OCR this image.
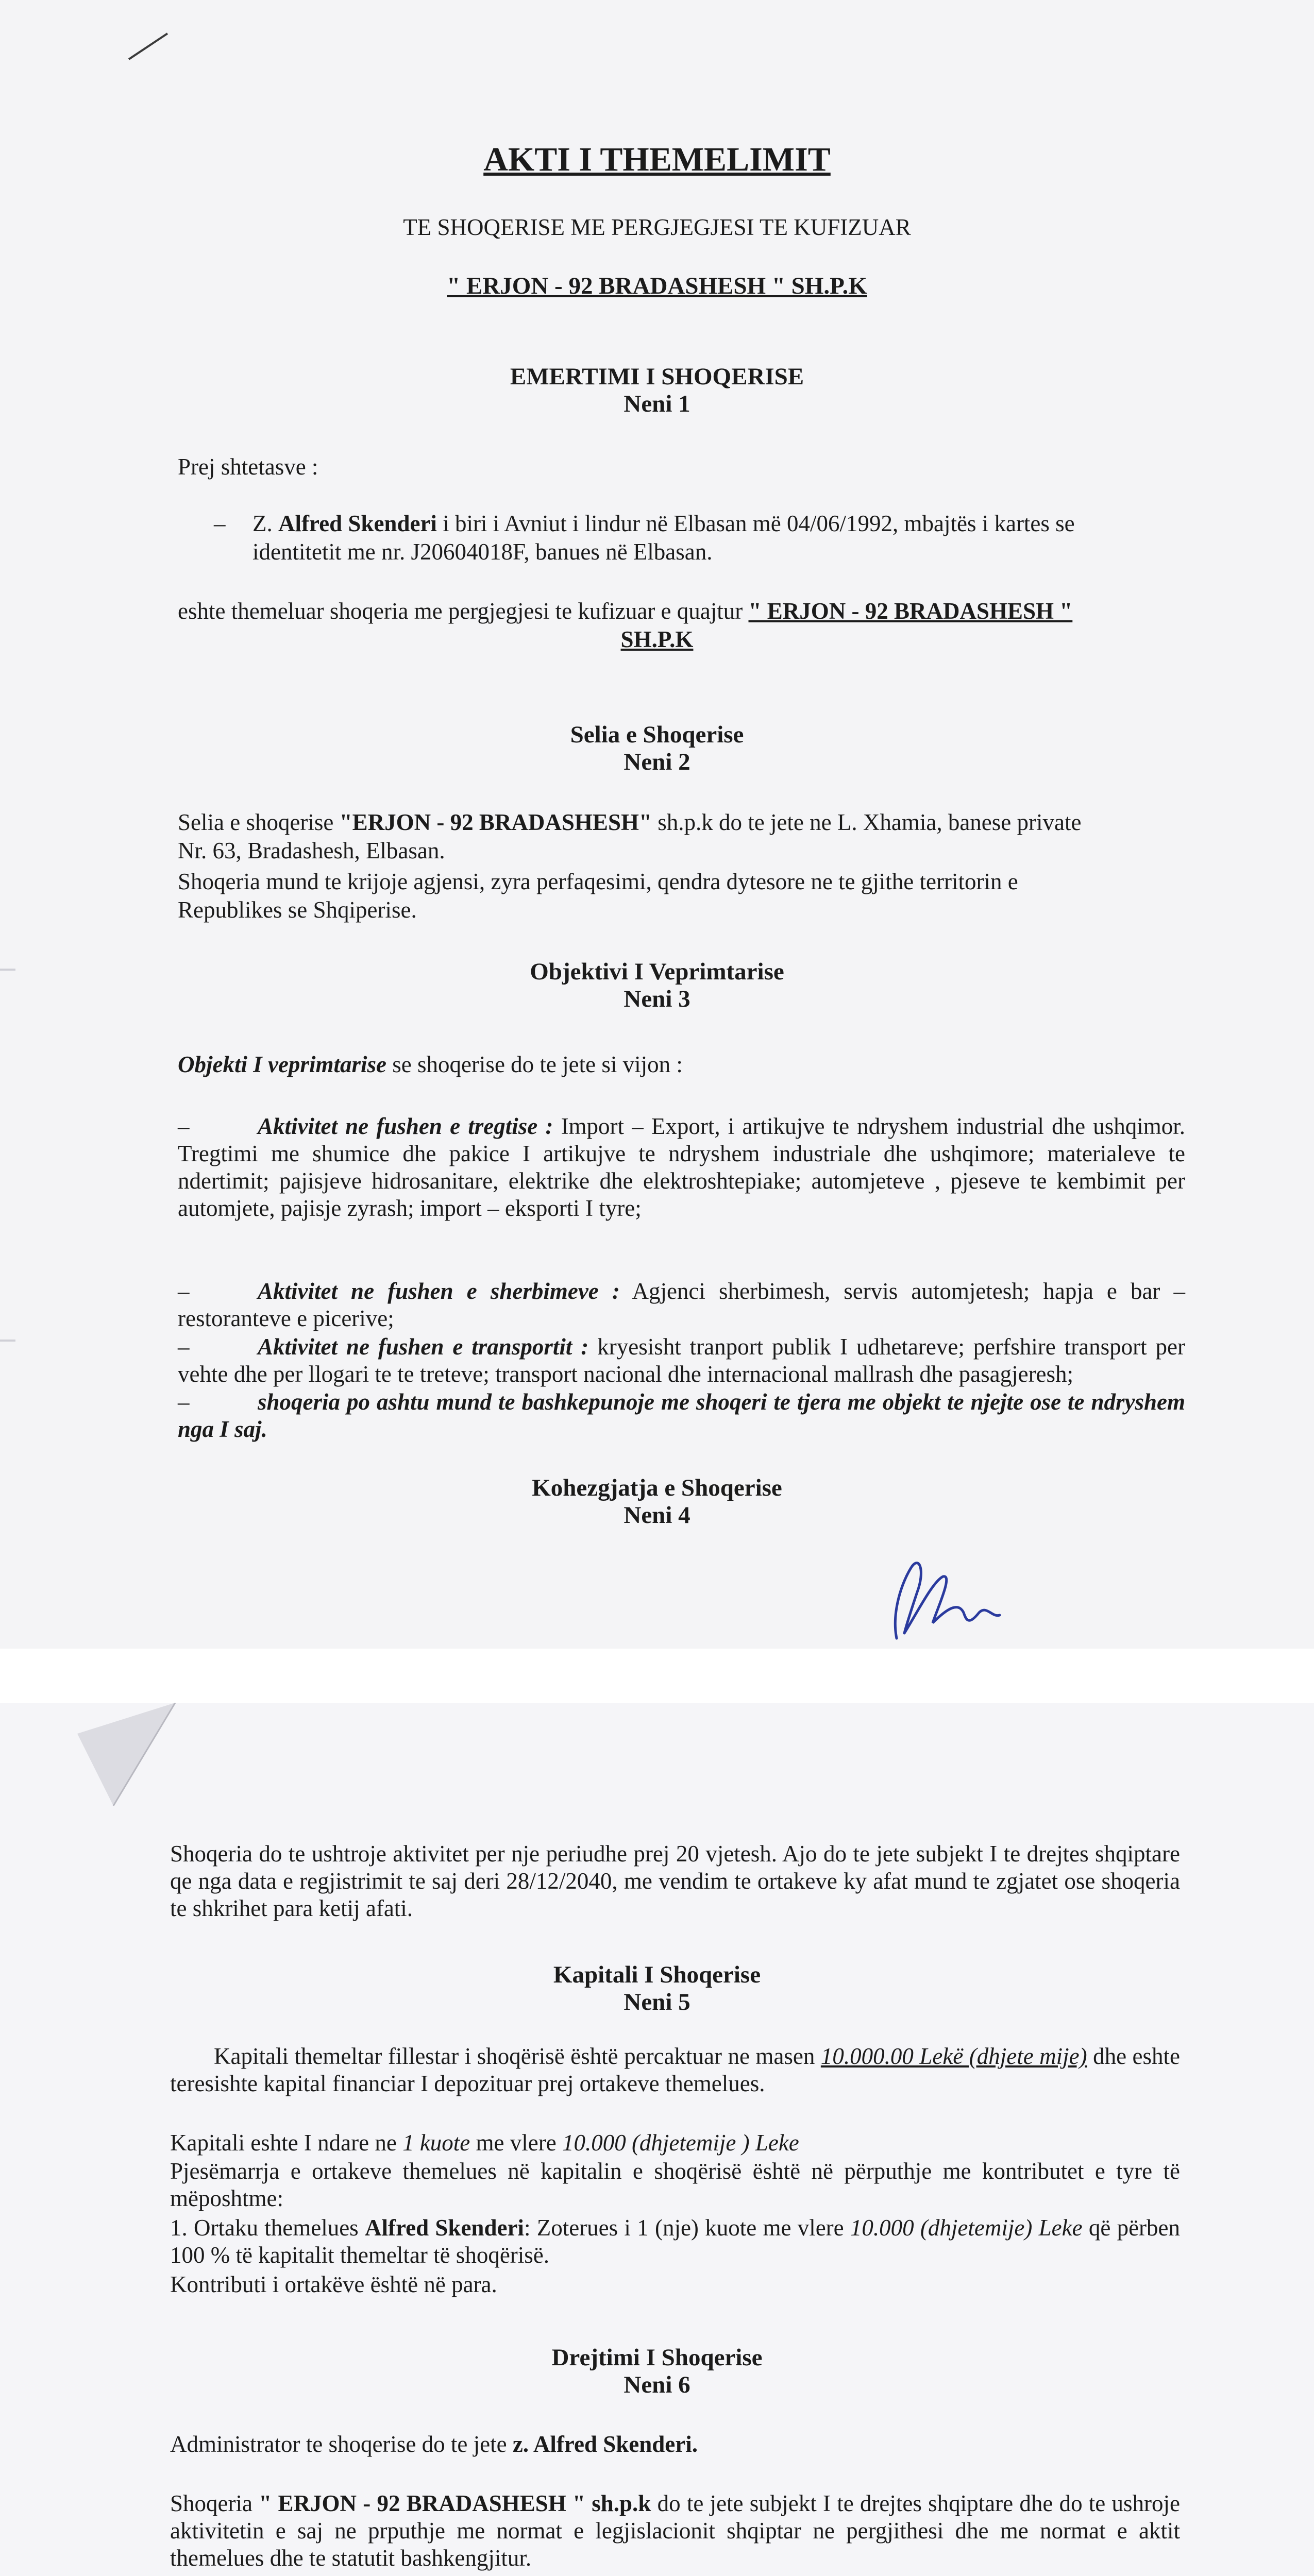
AKTI I THEMELIMIT

TE SHOQERISE ME PERGJEGJESI TE KUFIZUAR

" ERJON - 92 BRADASHESH " SH.P.K

EMERTIMI I SHOQERISE

Neni 1

Prej shtetasve :

– Z. Alfred Skenderi i biri i Avniut i lindur në Elbasan më 04/06/1992, mbajtës i kartes se

identitetit me nr. J20604018F, banues në Elbasan.

eshte themeluar shoqeria me pergjegjesi te kufizuar e quajtur " ERJON - 92 BRADASHESH "

SH.P.K

Selia e Shoqerise

Neni 2

Selia e shoqerise "ERJON - 92 BRADASHESH" sh.p.k do te jete ne L. Xhamia, banese private

Nr. 63, Bradashesh, Elbasan.

Shoqeria mund te krijoje agjensi, zyra perfaqesimi, qendra dytesore ne te gjithe territorin e

Republikes se Shqiperise.

Objektivi I Veprimtarise

Neni 3

Objekti I veprimtarise se shoqerise do te jete si vijon :

–	Aktivitet ne fushen e tregtise : Import – Export, i artikujve te ndryshem industrial dhe ushqimor. Tregtimi me shumice dhe pakice I artikujve te ndryshem industriale dhe ushqimore; materialeve te ndertimit; pajisjeve hidrosanitare, elektrike dhe elektroshtepiake; automjeteve , pjeseve te kembimit per automjete, pajisje zyrash; import – eksporti I tyre;

–	Aktivitet ne fushen e sherbimeve : Agjenci sherbimesh, servis automjetesh; hapja e bar – restoranteve e picerive;

–	Aktivitet ne fushen e transportit : kryesisht tranport publik I udhetareve; perfshire transport per vehte dhe per llogari te te treteve; transport nacional dhe internacional mallrash dhe pasagjeresh;

–	shoqeria po ashtu mund te bashkepunoje me shoqeri te tjera me objekt te njejte ose te ndryshem nga I saj.

Kohezgjatja e Shoqerise

Neni 4

Shoqeria do te ushtroje aktivitet per nje periudhe prej 20 vjetesh. Ajo do te jete subjekt I te drejtes shqiptare qe nga data e regjistrimit te saj deri 28/12/2040, me vendim te ortakeve ky afat mund te zgjatet ose shoqeria te shkrihet para ketij afati.

Kapitali I Shoqerise

Neni 5

Kapitali themeltar fillestar i shoqërisë është percaktuar ne masen 10.000.00 Lekë (dhjete mije) dhe eshte teresishte kapital financiar I depozituar prej ortakeve themelues.

Kapitali eshte I ndare ne 1 kuote me vlere 10.000 (dhjetemije ) Leke

Pjesëmarrja e ortakeve themelues në kapitalin e shoqërisë është në përputhje me kontributet e tyre të mëposhtme:

1. Ortaku themelues Alfred Skenderi: Zoterues i 1 (nje) kuote me vlere 10.000 (dhjetemije) Leke që përben 100 % të kapitalit themeltar të shoqërisë.

Kontributi i ortakëve është në para.

Drejtimi I Shoqerise

Neni 6

Administrator te shoqerise do te jete z. Alfred Skenderi.

Shoqeria " ERJON - 92 BRADASHESH " sh.p.k do te jete subjekt I te drejtes shqiptare dhe do te ushroje aktivitetin e saj ne prputhje me normat e legjislacionit shqiptar ne pergjithesi dhe me normat e aktit themelues dhe te statutit bashkengjitur.
